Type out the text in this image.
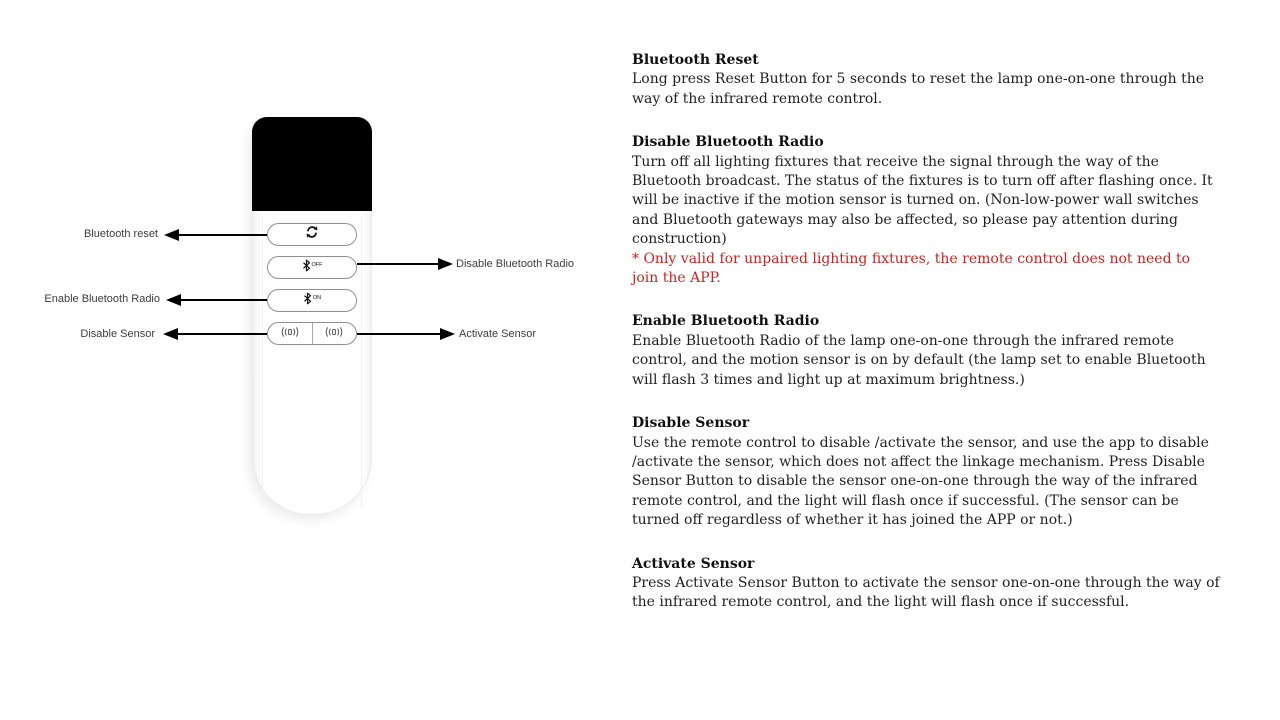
OFF
ON
Bluetooth reset
Disable Bluetooth Radio
Enable Bluetooth Radio
Disable Sensor	Activate Sensor
Bluetooth Reset
Long press Reset Button for 5 seconds to reset the lamp one-on-one through the
way of the infrared remote control.
Disable Bluetooth Radio
Turn off all lighting fixtures that receive the signal through the way of the
Bluetooth broadcast. The status of the fixtures is to turn off after flashing once. It
will be inactive if the motion sensor is turned on. (Non-low-power wall switches
and Bluetooth gateways may also be affected, so please pay attention during
construction)
* Only valid for unpaired lighting fixtures, the remote control does not need to
join the APP.
Enable Bluetooth Radio
Enable Bluetooth Radio of the lamp one-on-one through the infrared remote
control, and the motion sensor is on by default (the lamp set to enable Bluetooth
will flash 3 times and light up at maximum brightness.)
Disable Sensor
Use the remote control to disable /activate the sensor, and use the app to disable
/activate the sensor, which does not affect the linkage mechanism. Press Disable
Sensor Button to disable the sensor one-on-one through the way of the infrared
remote control, and the light will flash once if successful. (The sensor can be
turned off regardless of whether it has joined the APP or not.)
Activate Sensor
Press Activate Sensor Button to activate the sensor one-on-one through the way of
the infrared remote control, and the light will flash once if successful.
